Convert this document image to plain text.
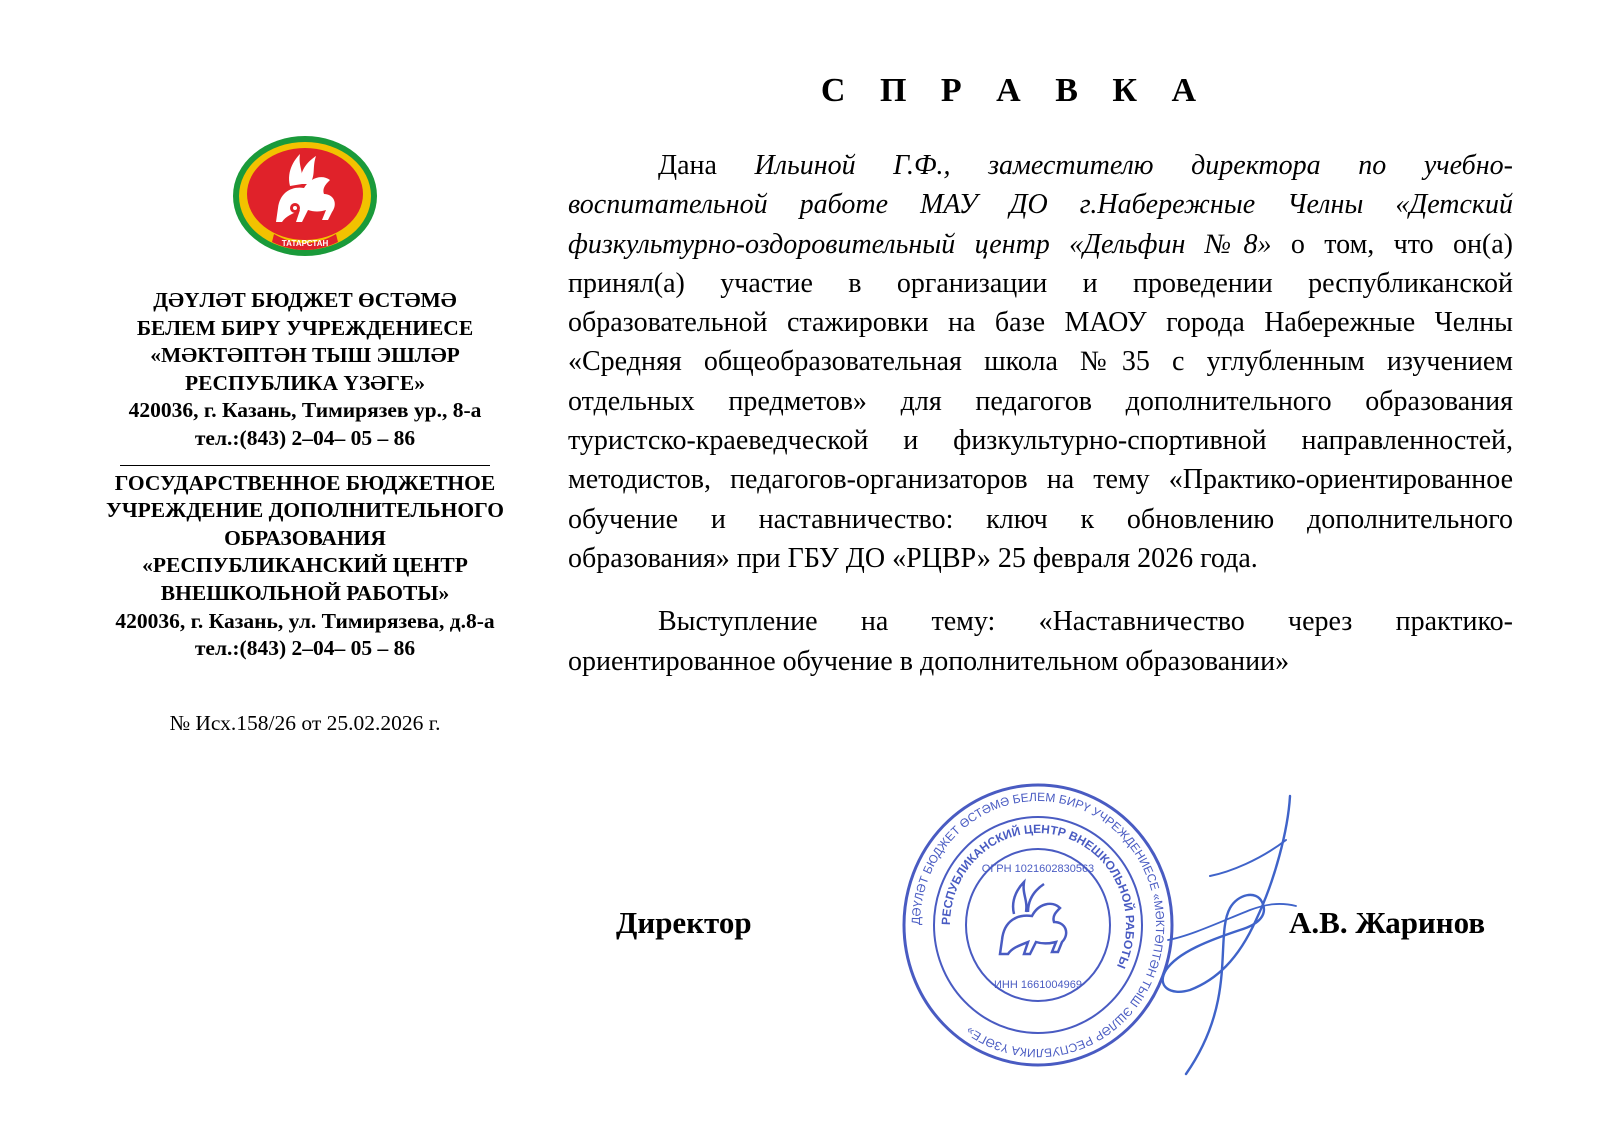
ТАТАРСТАН
ДӘҮЛӘТ БЮДЖЕТ ӨСТӘМӘ
БЕЛЕМ БИРҮ УЧРЕЖДЕНИЕСЕ
«МӘКТӘПТӘН ТЫШ ЭШЛӘР
РЕСПУБЛИКА ҮЗӘГЕ»
420036, г. Казань, Тимирязев ур., 8-а
тел.:(843) 2–04– 05 – 86
ГОСУДАРСТВЕННОЕ БЮДЖЕТНОЕ
УЧРЕЖДЕНИЕ ДОПОЛНИТЕЛЬНОГО
ОБРАЗОВАНИЯ
«РЕСПУБЛИКАНСКИЙ ЦЕНТР
ВНЕШКОЛЬНОЙ РАБОТЫ»
420036, г. Казань, ул. Тимирязева, д.8-а
тел.:(843) 2–04– 05 – 86
№ Исх.158/26 от 25.02.2026 г.
С П Р А В К А

Дана Ильиной Г.Ф., заместителю директора по учебно-воспитательной работе МАУ ДО г.Набережные Челны «Детский физкультурно-оздоровительный центр «Дельфин №8» о том, что он(а) принял(а) участие в организации и проведении республиканской образовательной стажировки на базе МАОУ города Набережные Челны «Средняя общеобразовательная школа №35 с углубленным изучением отдельных предметов» для педагогов дополнительного образования туристско-краеведческой и физкультурно-спортивной направленностей, методистов, педагогов-организаторов на тему «Практико-ориентированное обучение и наставничество: ключ к обновлению дополнительного образования» при ГБУ ДО «РЦВР» 25 февраля 2026 года.

Выступление на тему: «Наставничество через практико-ориентированное обучение в дополнительном образовании»

Директор	А.В. Жаринов
ДӘҮЛӘТ БЮДЖЕТ ӨСТӘМӘ БЕЛЕМ БИРҮ УЧРЕЖДЕНИЕСЕ «МӘКТӘПТӘН ТЫШ ЭШЛӘР РЕСПУБЛИКА ҮЗӘГЕ»
РЕСПУБЛИКАНСКИЙ ЦЕНТР ВНЕШКОЛЬНОЙ РАБОТЫ
ОГРН 1021602830563
ИНН 1661004969
